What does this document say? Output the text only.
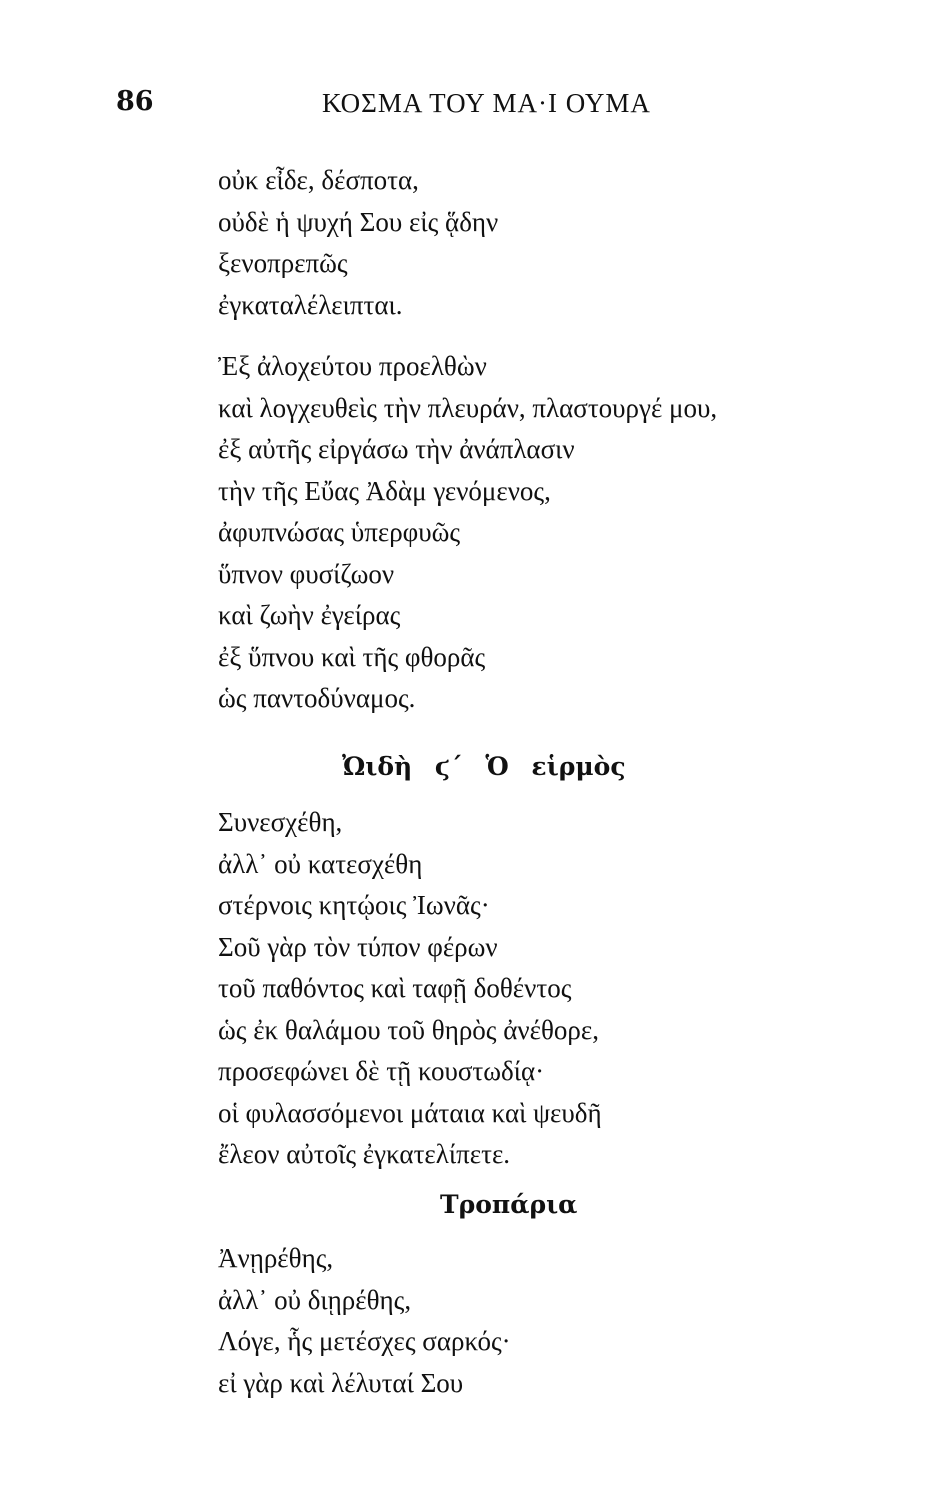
86	ΚΟΣΜΑ ΤΟΥ ΜΑ·Ι ΟΥΜΑ
οὐκ εἶδε, δέσποτα,
οὐδὲ ἡ ψυχή Σου εἰς ᾅδην
ξενοπρεπῶς
ἐγκαταλέλειπται.
Ἐξ ἀλοχεύτου προελθὼν
καὶ λογχευθεὶς τὴν πλευράν, πλαστουργέ μου,
ἐξ αὐτῆς εἰργάσω τὴν ἀνάπλασιν
τὴν τῆς Εὔας Ἀδὰμ γενόμενος,
ἀφυπνώσας ὑπερφυῶς
ὕπνον φυσίζωον
καὶ ζωὴν ἐγείρας
ἐξ ὕπνου καὶ τῆς φθορᾶς
ὡς παντοδύναμος.
Ὠιδὴ ϛ΄ Ὁ εἱρμὸς
Συνεσχέθη,
ἀλλ᾽ οὐ κατεσχέθη
στέρνοις κητῴοις Ἰωνᾶς·
Σοῦ γὰρ τὸν τύπον φέρων
τοῦ παθόντος καὶ ταφῇ δοθέντος
ὡς ἐκ θαλάμου τοῦ θηρὸς ἀνέθορε,
προσεφώνει δὲ τῇ κουστωδίᾳ·
οἱ φυλασσόμενοι μάταια καὶ ψευδῆ
ἔλεον αὐτοῖς ἐγκατελίπετε.
Τροπάρια
Ἀνῃρέθης,
ἀλλ᾽ οὐ διῃρέθης,
Λόγε, ἧς μετέσχες σαρκός·
εἰ γὰρ καὶ λέλυταί Σου
